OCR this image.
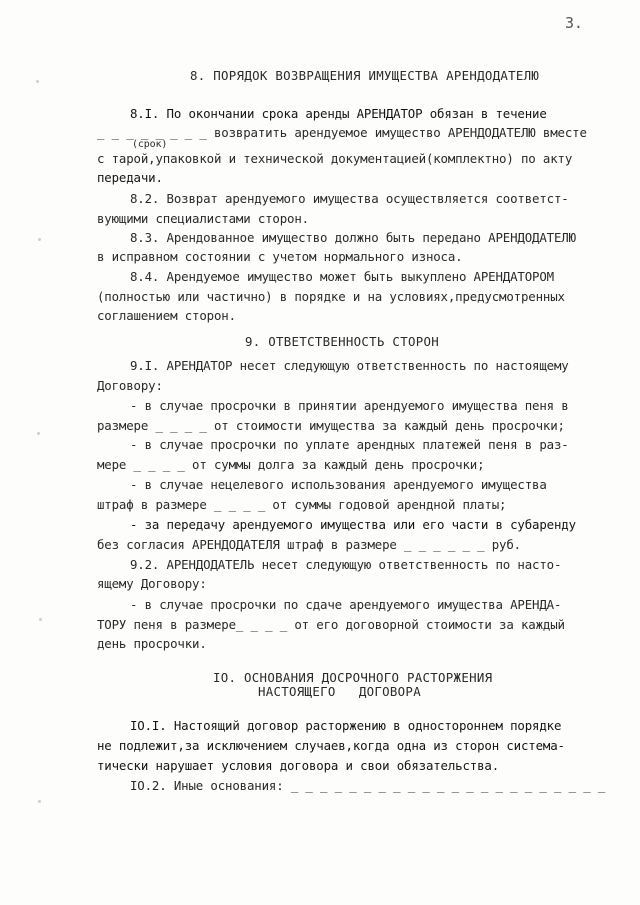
3.
8. ПОРЯДОК ВОЗВРАЩЕНИЯ ИМУЩЕСТВА АРЕНДОДАТЕЛЮ
8.I. По окончании срока аренды АРЕНДАТОР обязан в течение
_ _ _ _ _ _ _ _ возвратить арендуемое имущество АРЕНДОДАТЕЛЮ вместе
(срок)
с тарой,упаковкой и технической документацией(комплектно) по акту
передачи.
8.2. Возврат арендуемого имущества осуществляется соответст-
вующими специалистами сторон.
8.3. Арендованное имущество должно быть передано АРЕНДОДАТЕЛЮ
в исправном состоянии с учетом нормального износа.
8.4. Арендуемое имущество может быть выкуплено АРЕНДАТОРОМ
(полностью или частично) в порядке и на условиях,предусмотренных
соглашением сторон.
9. ОТВЕТСТВЕННОСТЬ СТОРОН
9.I. АРЕНДАТОР несет следующую ответственность по настоящему
Договору:
- в случае просрочки в принятии арендуемого имущества пеня в
размере _ _ _ _ от стоимости имущества за каждый день просрочки;
- в случае просрочки по уплате арендных платежей пеня в раз-
мере _ _ _ _ от суммы долга за каждый день просрочки;
- в случае нецелевого использования арендуемого имущества
штраф в размере _ _ _ _ от суммы годовой арендной платы;
- за передачу арендуемого имущества или его части в субаренду
без согласия АРЕНДОДАТЕЛЯ штраф в размере _ _ _ _ _ _ руб.
9.2. АРЕНДОДАТЕЛЬ несет следующую ответственность по насто-
ящему Договору:
- в случае просрочки по сдаче арендуемого имущества АРЕНДА-
ТОРУ пеня в размере_ _ _ _ от его договорной стоимости за каждый
день просрочки.
IO. ОСНОВАНИЯ ДОСРОЧНОГО РАСТОРЖЕНИЯ
НАСТОЯЩЕГО   ДОГОВОРА
IO.I. Настоящий договор расторжению в одностороннем порядке
не подлежит,за исключением случаев,когда одна из сторон система-
тически нарушает условия договора и свои обязательства.
IO.2. Иные основания: _ _ _ _ _ _ _ _ _ _ _ _ _ _ _ _ _ _ _ _ _ _
